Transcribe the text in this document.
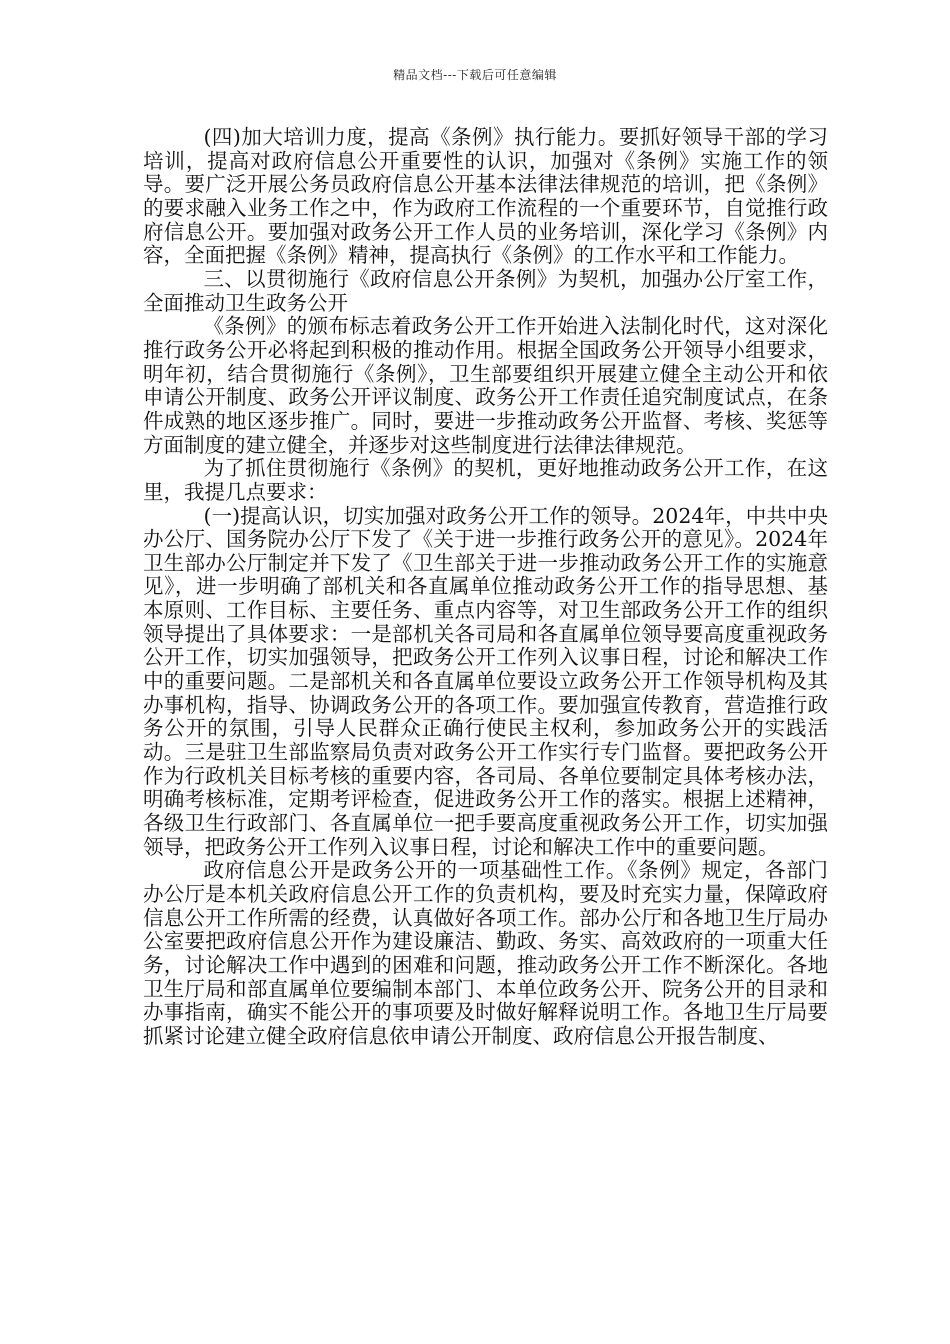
精品文档---下载后可任意编辑

(四)加大培训力度，提高《条例》执行能力。要抓好领导干部的学习培训，提高对政府信息公开重要性的认识，加强对《条例》实施工作的领导。要广泛开展公务员政府信息公开基本法律法律规范的培训，把《条例》的要求融入业务工作之中，作为政府工作流程的一个重要环节，自觉推行政府信息公开。要加强对政务公开工作人员的业务培训，深化学习《条例》内容，全面把握《条例》精神，提高执行《条例》的工作水平和工作能力。

三、以贯彻施行《政府信息公开条例》为契机，加强办公厅室工作，全面推动卫生政务公开

《条例》的颁布标志着政务公开工作开始进入法制化时代，这对深化推行政务公开必将起到积极的推动作用。根据全国政务公开领导小组要求，明年初，结合贯彻施行《条例》，卫生部要组织开展建立健全主动公开和依申请公开制度、政务公开评议制度、政务公开工作责任追究制度试点，在条件成熟的地区逐步推广。同时，要进一步推动政务公开监督、考核、奖惩等方面制度的建立健全，并逐步对这些制度进行法律法律规范。

为了抓住贯彻施行《条例》的契机，更好地推动政务公开工作，在这里，我提几点要求：

(一)提高认识，切实加强对政务公开工作的领导。2024年，中共中央办公厅、国务院办公厅下发了《关于进一步推行政务公开的意见》。2024年卫生部办公厅制定并下发了《卫生部关于进一步推动政务公开工作的实施意见》，进一步明确了部机关和各直属单位推动政务公开工作的指导思想、基本原则、工作目标、主要任务、重点内容等，对卫生部政务公开工作的组织领导提出了具体要求：一是部机关各司局和各直属单位领导要高度重视政务公开工作，切实加强领导，把政务公开工作列入议事日程，讨论和解决工作中的重要问题。二是部机关和各直属单位要设立政务公开工作领导机构及其办事机构，指导、协调政务公开的各项工作。要加强宣传教育，营造推行政务公开的氛围，引导人民群众正确行使民主权利，参加政务公开的实践活动。三是驻卫生部监察局负责对政务公开工作实行专门监督。要把政务公开作为行政机关目标考核的重要内容，各司局、各单位要制定具体考核办法，明确考核标准，定期考评检查，促进政务公开工作的落实。根据上述精神，各级卫生行政部门、各直属单位一把手要高度重视政务公开工作，切实加强领导，把政务公开工作列入议事日程，讨论和解决工作中的重要问题。

政府信息公开是政务公开的一项基础性工作。《条例》规定，各部门办公厅是本机关政府信息公开工作的负责机构，要及时充实力量，保障政府信息公开工作所需的经费，认真做好各项工作。部办公厅和各地卫生厅局办公室要把政府信息公开作为建设廉洁、勤政、务实、高效政府的一项重大任务，讨论解决工作中遇到的困难和问题，推动政务公开工作不断深化。各地卫生厅局和部直属单位要编制本部门、本单位政务公开、院务公开的目录和办事指南，确实不能公开的事项要及时做好解释说明工作。各地卫生厅局要抓紧讨论建立健全政府信息依申请公开制度、政府信息公开报告制度、
